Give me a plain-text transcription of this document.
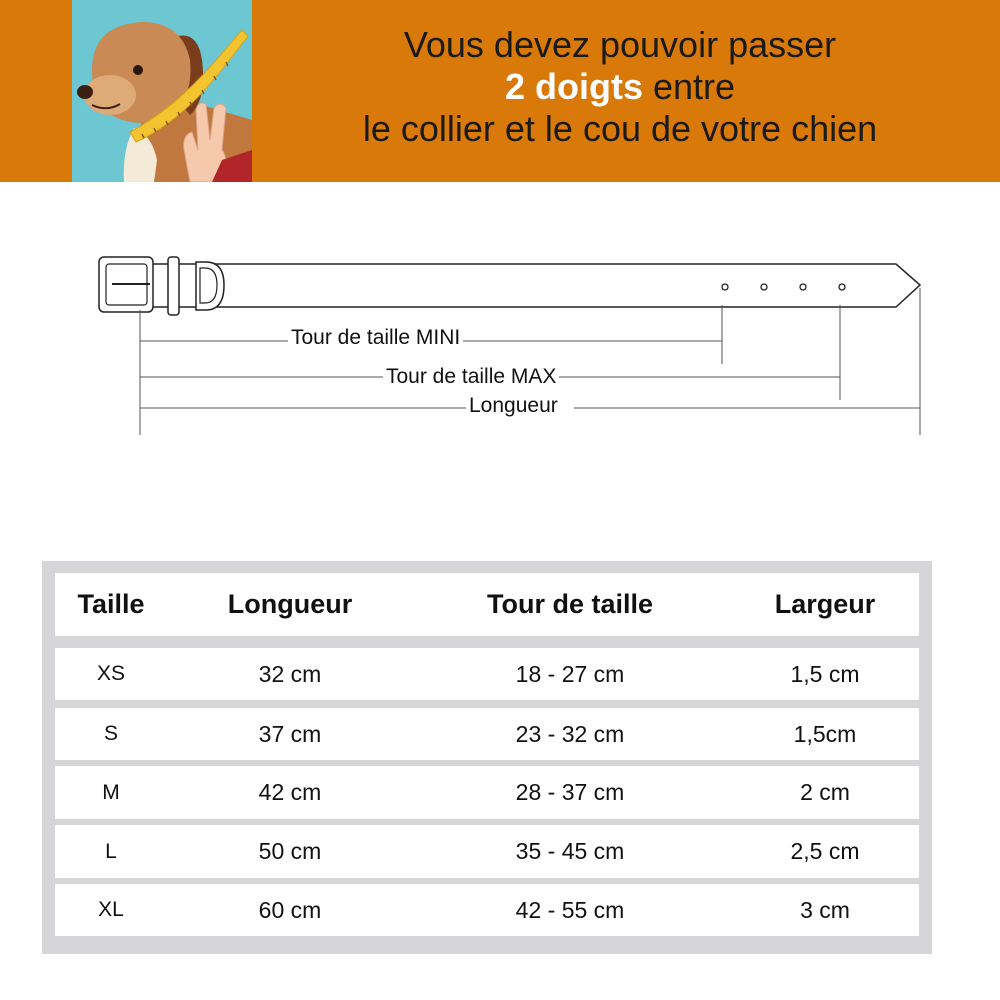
Vous devez pouvoir passer
2 doigts entre
le collier et le cou de votre chien
Tour de taille MINI
Tour de taille MAX
Longueur
Taille	Longueur	Tour de taille	Largeur
XS	32 cm	18 - 27 cm	1,5 cm
S	37 cm	23 - 32 cm	1,5cm
M	42 cm	28 - 37 cm	2 cm
L	50 cm	35 - 45 cm	2,5 cm
XL	60 cm	42 - 55 cm	3 cm
